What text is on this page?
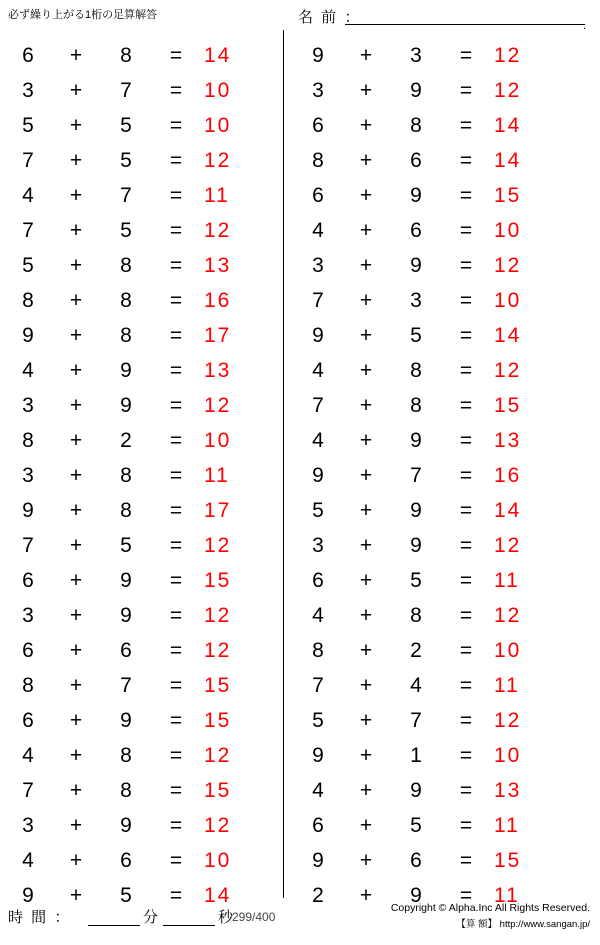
必ず繰り上がる1桁の足算解答	名 前 ：	.
6 + 8 = 14
3 + 7 = 10
5 + 5 = 10
7 + 5 = 12
4 + 7 = 11
7 + 5 = 12
5 + 8 = 13
8 + 8 = 16
9 + 8 = 17
4 + 9 = 13
3 + 9 = 12
8 + 2 = 10
3 + 8 = 11
9 + 8 = 17
7 + 5 = 12
6 + 9 = 15
3 + 9 = 12
6 + 6 = 12
8 + 7 = 15
6 + 9 = 15
4 + 8 = 12
7 + 8 = 15
3 + 9 = 12
4 + 6 = 10
9 + 5 = 14
9 + 3 = 12
3 + 9 = 12
6 + 8 = 14
8 + 6 = 14
6 + 9 = 15
4 + 6 = 10
3 + 9 = 12
7 + 3 = 10
9 + 5 = 14
4 + 8 = 12
7 + 8 = 15
4 + 9 = 13
9 + 7 = 16
5 + 9 = 14
3 + 9 = 12
6 + 5 = 11
4 + 8 = 12
8 + 2 = 10
7 + 4 = 11
5 + 7 = 12
9 + 1 = 10
4 + 9 = 13
6 + 5 = 11
9 + 6 = 15
2 + 9 = 11
時 間 ：	分	秒
299/400
Copyright © Alpha.Inc All Rights Reserved.
【算 額】 http://www.sangan.jp/
